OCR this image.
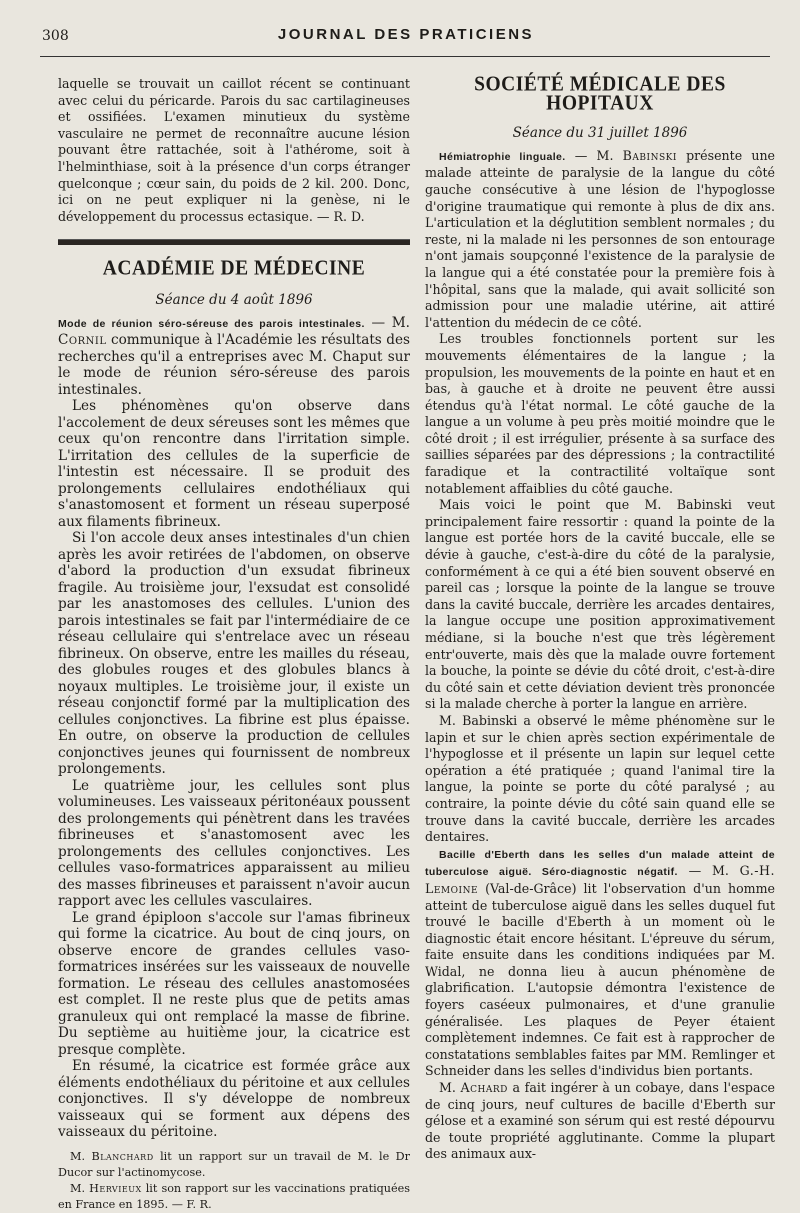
308	JOURNAL DES PRATICIENS

laquelle se trouvait un caillot récent se continuant avec celui du péricarde. Parois du sac cartilagineuses et ossifiées. L'examen minutieux du système vasculaire ne permet de reconnaître aucune lésion pouvant être rattachée, soit à l'athérome, soit à l'helminthiase, soit à la présence d'un corps étranger quelconque ; cœur sain, du poids de 2 kil. 200. Donc, ici on ne peut expliquer ni la genèse, ni le développement du processus ectasique. — R. D.

ACADÉMIE DE MÉDECINE
Séance du 4 août 1896

Mode de réunion séro-séreuse des parois intestinales. — M. Cornil communique à l'Académie les résultats des recherches qu'il a entreprises avec M. Chaput sur le mode de réunion séro-séreuse des parois intestinales.

Les phénomènes qu'on observe dans l'accolement de deux séreuses sont les mêmes que ceux qu'on rencontre dans l'irritation simple. L'irritation des cellules de la superficie de l'intestin est nécessaire. Il se produit des prolongements cellulaires endothéliaux qui s'anastomosent et forment un réseau superposé aux filaments fibrineux.

Si l'on accole deux anses intestinales d'un chien après les avoir retirées de l'abdomen, on observe d'abord la production d'un exsudat fibrineux fragile. Au troisième jour, l'exsudat est consolidé par les anastomoses des cellules. L'union des parois intestinales se fait par l'intermédiaire de ce réseau cellulaire qui s'entrelace avec un réseau fibrineux. On observe, entre les mailles du réseau, des globules rouges et des globules blancs à noyaux multiples. Le troisième jour, il existe un réseau conjonctif formé par la multiplication des cellules conjonctives. La fibrine est plus épaisse. En outre, on observe la production de cellules conjonctives jeunes qui fournissent de nombreux prolongements.

Le quatrième jour, les cellules sont plus volumineuses. Les vaisseaux péritonéaux poussent des prolongements qui pénètrent dans les travées fibrineuses et s'anastomosent avec les prolongements des cellules conjonctives. Les cellules vaso-formatrices apparaissent au milieu des masses fibrineuses et paraissent n'avoir aucun rapport avec les cellules vasculaires.

Le grand épiploon s'accole sur l'amas fibrineux qui forme la cicatrice. Au bout de cinq jours, on observe encore de grandes cellules vaso-formatrices insérées sur les vaisseaux de nouvelle formation. Le réseau des cellules anastomosées est complet. Il ne reste plus que de petits amas granuleux qui ont remplacé la masse de fibrine. Du septième au huitième jour, la cicatrice est presque complète.

En résumé, la cicatrice est formée grâce aux éléments endothéliaux du péritoine et aux cellules conjonctives. Il s'y développe de nombreux vaisseaux qui se forment aux dépens des vaisseaux du péritoine.

M. Blanchard lit un rapport sur un travail de M. le Dr Ducor sur l'actinomycose.

M. Hervieux lit son rapport sur les vaccinations pratiquées en France en 1895. — F. R.

SOCIÉTÉ MÉDICALE DES HOPITAUX
Séance du 31 juillet 1896

Hémiatrophie linguale. — M. Babinski présente une malade atteinte de paralysie de la langue du côté gauche consécutive à une lésion de l'hypoglosse d'origine traumatique qui remonte à plus de dix ans. L'articulation et la déglutition semblent normales ; du reste, ni la malade ni les personnes de son entourage n'ont jamais soupçonné l'existence de la paralysie de la langue qui a été constatée pour la première fois à l'hôpital, sans que la malade, qui avait sollicité son admission pour une maladie utérine, ait attiré l'attention du médecin de ce côté.

Les troubles fonctionnels portent sur les mouvements élémentaires de la langue ; la propulsion, les mouvements de la pointe en haut et en bas, à gauche et à droite ne peuvent être aussi étendus qu'à l'état normal. Le côté gauche de la langue a un volume à peu près moitié moindre que le côté droit ; il est irrégulier, présente à sa surface des saillies séparées par des dépressions ; la contractilité faradique et la contractilité voltaïque sont notablement affaiblies du côté gauche.

Mais voici le point que M. Babinski veut principalement faire ressortir : quand la pointe de la langue est portée hors de la cavité buccale, elle se dévie à gauche, c'est-à-dire du côté de la paralysie, conformément à ce qui a été bien souvent observé en pareil cas ; lorsque la pointe de la langue se trouve dans la cavité buccale, derrière les arcades dentaires, la langue occupe une position approximativement médiane, si la bouche n'est que très légèrement entr'ouverte, mais dès que la malade ouvre fortement la bouche, la pointe se dévie du côté droit, c'est-à-dire du côté sain et cette déviation devient très prononcée si la malade cherche à porter la langue en arrière.

M. Babinski a observé le même phénomène sur le lapin et sur le chien après section expérimentale de l'hypoglosse et il présente un lapin sur lequel cette opération a été pratiquée ; quand l'animal tire la langue, la pointe se porte du côté paralysé ; au contraire, la pointe dévie du côté sain quand elle se trouve dans la cavité buccale, derrière les arcades dentaires.

Bacille d'Eberth dans les selles d'un malade atteint de tuberculose aiguë. Séro-diagnostic négatif. — M. G.-H. Lemoine (Val-de-Grâce) lit l'observation d'un homme atteint de tuberculose aiguë dans les selles duquel fut trouvé le bacille d'Eberth à un moment où le diagnostic était encore hésitant. L'épreuve du sérum, faite ensuite dans les conditions indiquées par M. Widal, ne donna lieu à aucun phénomène de glabrification. L'autopsie démontra l'existence de foyers caséeux pulmonaires, et d'une granulie généralisée. Les plaques de Peyer étaient complètement indemnes. Ce fait est à rapprocher de constatations semblables faites par MM. Remlinger et Schneider dans les selles d'individus bien portants.

M. Achard a fait ingérer à un cobaye, dans l'espace de cinq jours, neuf cultures de bacille d'Eberth sur gélose et a examiné son sérum qui est resté dépourvu de toute propriété agglutinante. Comme la plupart des animaux aux-
